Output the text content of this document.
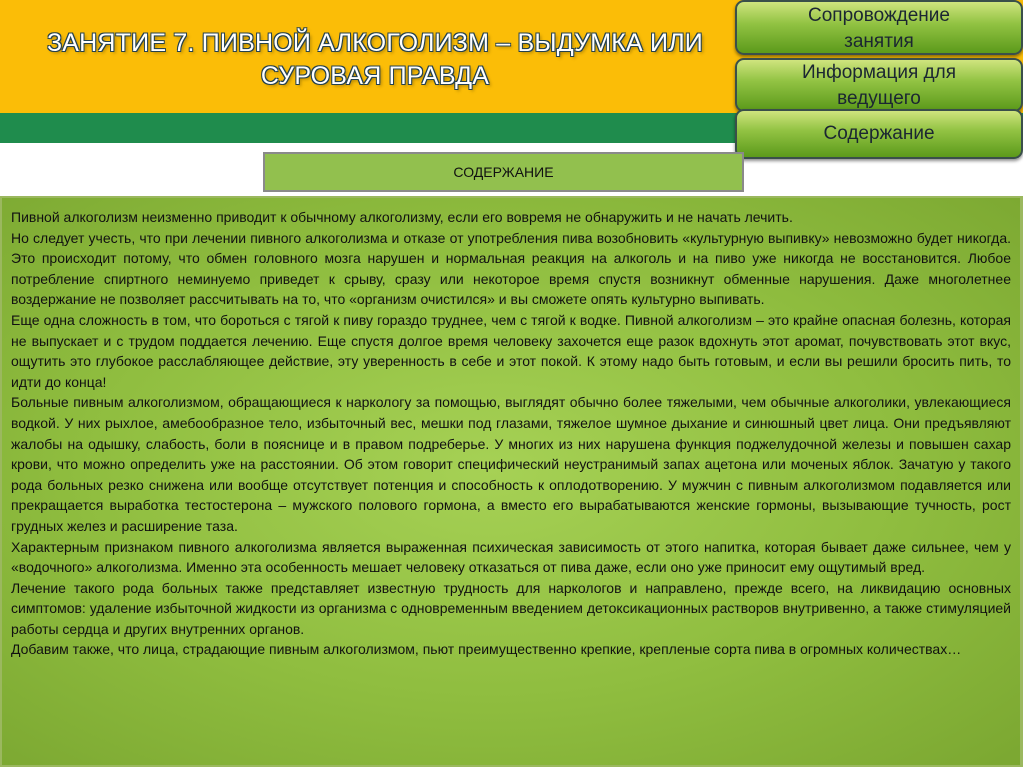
ЗАНЯТИЕ 7. ПИВНОЙ АЛКОГОЛИЗМ – ВЫДУМКА ИЛИ СУРОВАЯ ПРАВДА
Сопровождение
занятия
Информация для
ведущего
Содержание
СОДЕРЖАНИЕ

Пивной алкоголизм неизменно приводит к обычному алкоголизму, если его вовремя не обнаружить и не начать лечить.

Но следует учесть, что при лечении пивного алкоголизма и отказе от употребления пива возобновить «культурную выпивку» невозможно будет никогда. Это происходит потому, что обмен головного мозга нарушен и нормальная реакция на алкоголь и на пиво уже никогда не восстановится. Любое потребление спиртного неминуемо приведет к срыву, сразу или некоторое время спустя возникнут обменные нарушения. Даже многолетнее воздержание не позволяет рассчитывать на то, что «организм очистился» и вы сможете опять культурно выпивать.

Еще одна сложность в том, что бороться с тягой к пиву гораздо труднее, чем с тягой к водке. Пивной алкоголизм – это крайне опасная болезнь, которая не выпускает и с трудом поддается лечению. Еще спустя долгое время человеку захочется еще разок вдохнуть этот аромат, почувствовать этот вкус, ощутить это глубокое расслабляющее действие, эту уверенность в себе и этот покой. К этому надо быть готовым, и если вы решили бросить пить, то идти до конца!

Больные пивным алкоголизмом, обращающиеся к наркологу за помощью, выглядят обычно более тяжелыми, чем обычные алкоголики, увлекающиеся водкой. У них рыхлое, амебообразное тело, избыточный вес, мешки под глазами, тяжелое шумное дыхание и синюшный цвет лица. Они предъявляют жалобы на одышку, слабость, боли в пояснице и в правом подреберье. У многих из них нарушена функция поджелудочной железы и повышен сахар крови, что можно определить уже на расстоянии. Об этом говорит специфический неустранимый запах ацетона или моченых яблок. Зачатую у такого рода больных резко снижена или вообще отсутствует потенция и способность к оплодотворению. У мужчин с пивным алкоголизмом подавляется или прекращается выработка тестостерона – мужского полового гормона, а вместо его вырабатываются женские гормоны, вызывающие тучность, рост грудных желез и расширение таза.

Характерным признаком пивного алкоголизма является выраженная психическая зависимость от этого напитка, которая бывает даже сильнее, чем у «водочного» алкоголизма. Именно эта особенность мешает человеку отказаться от пива даже, если оно уже приносит ему ощутимый вред.

Лечение такого рода больных также представляет известную трудность для наркологов и направлено, прежде всего, на ликвидацию основных симптомов: удаление избыточной жидкости из организма с одновременным введением детоксикационных растворов внутривенно, а также стимуляцией работы сердца и других внутренних органов.

Добавим также, что лица, страдающие пивным алкоголизмом, пьют преимущественно крепкие, крепленые сорта пива в огромных количествах…
